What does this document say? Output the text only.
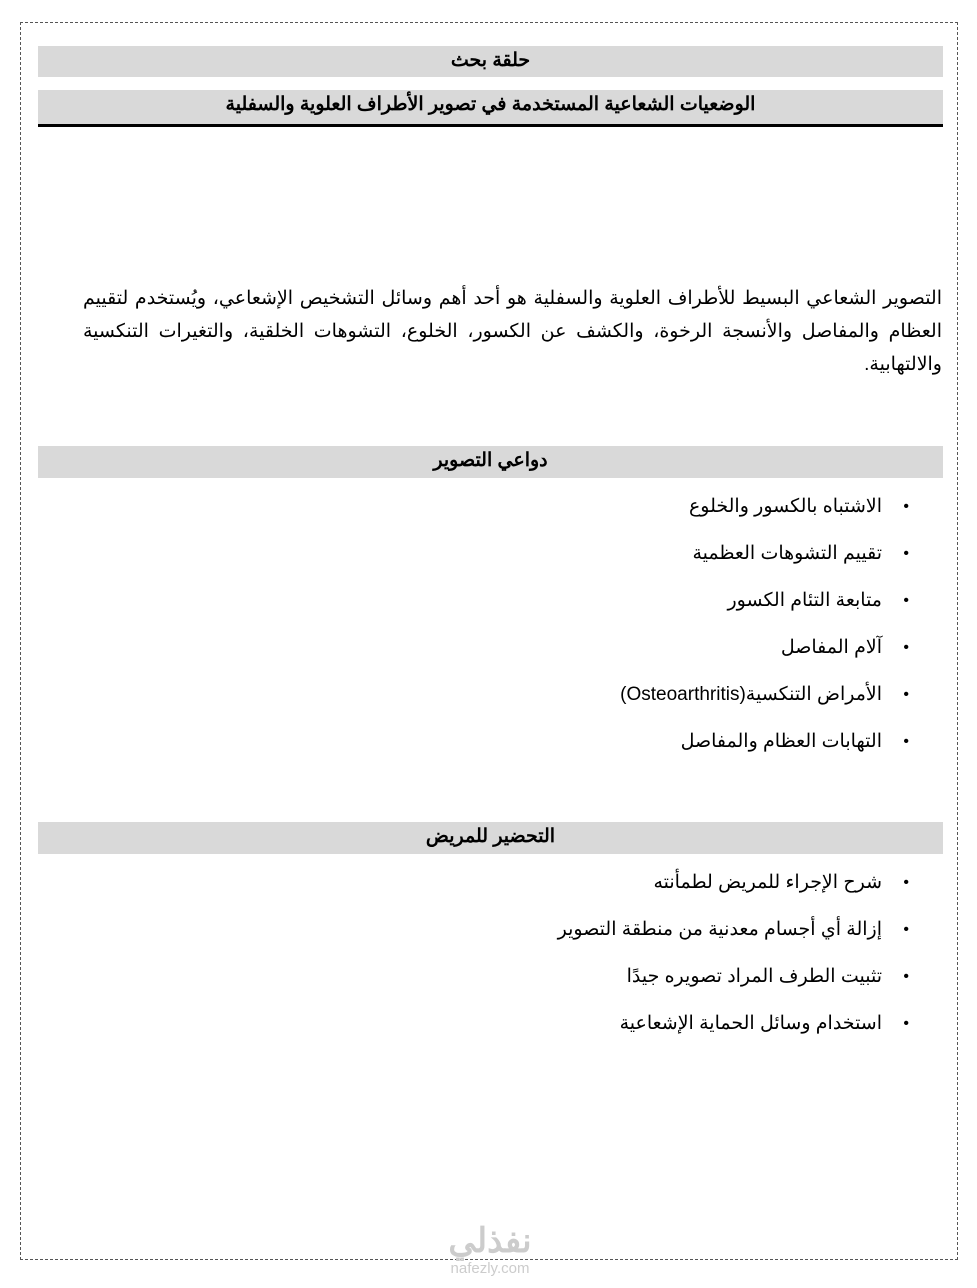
حلقة بحث
الوضعيات الشعاعية المستخدمة في تصوير الأطراف العلوية والسفلية
التصوير الشعاعي البسيط للأطراف العلوية والسفلية هو أحد أهم وسائل التشخيص الإشعاعي، ويُستخدم لتقييم العظام والمفاصل والأنسجة الرخوة، والكشف عن الكسور، الخلوع، التشوهات الخلقية، والتغيرات التنكسية والالتهابية.
دواعي التصوير
•
الاشتباه بالكسور والخلوع
•
تقييم التشوهات العظمية
•
متابعة التئام الكسور
•
آلام المفاصل
•
الأمراض التنكسية(Osteoarthritis)
•
التهابات العظام والمفاصل
التحضير للمريض
•
شرح الإجراء للمريض لطمأنته
•
إزالة أي أجسام معدنية من منطقة التصوير
•
تثبيت الطرف المراد تصويره جيدًا
•
استخدام وسائل الحماية الإشعاعية
نفذلي
nafezly.com
